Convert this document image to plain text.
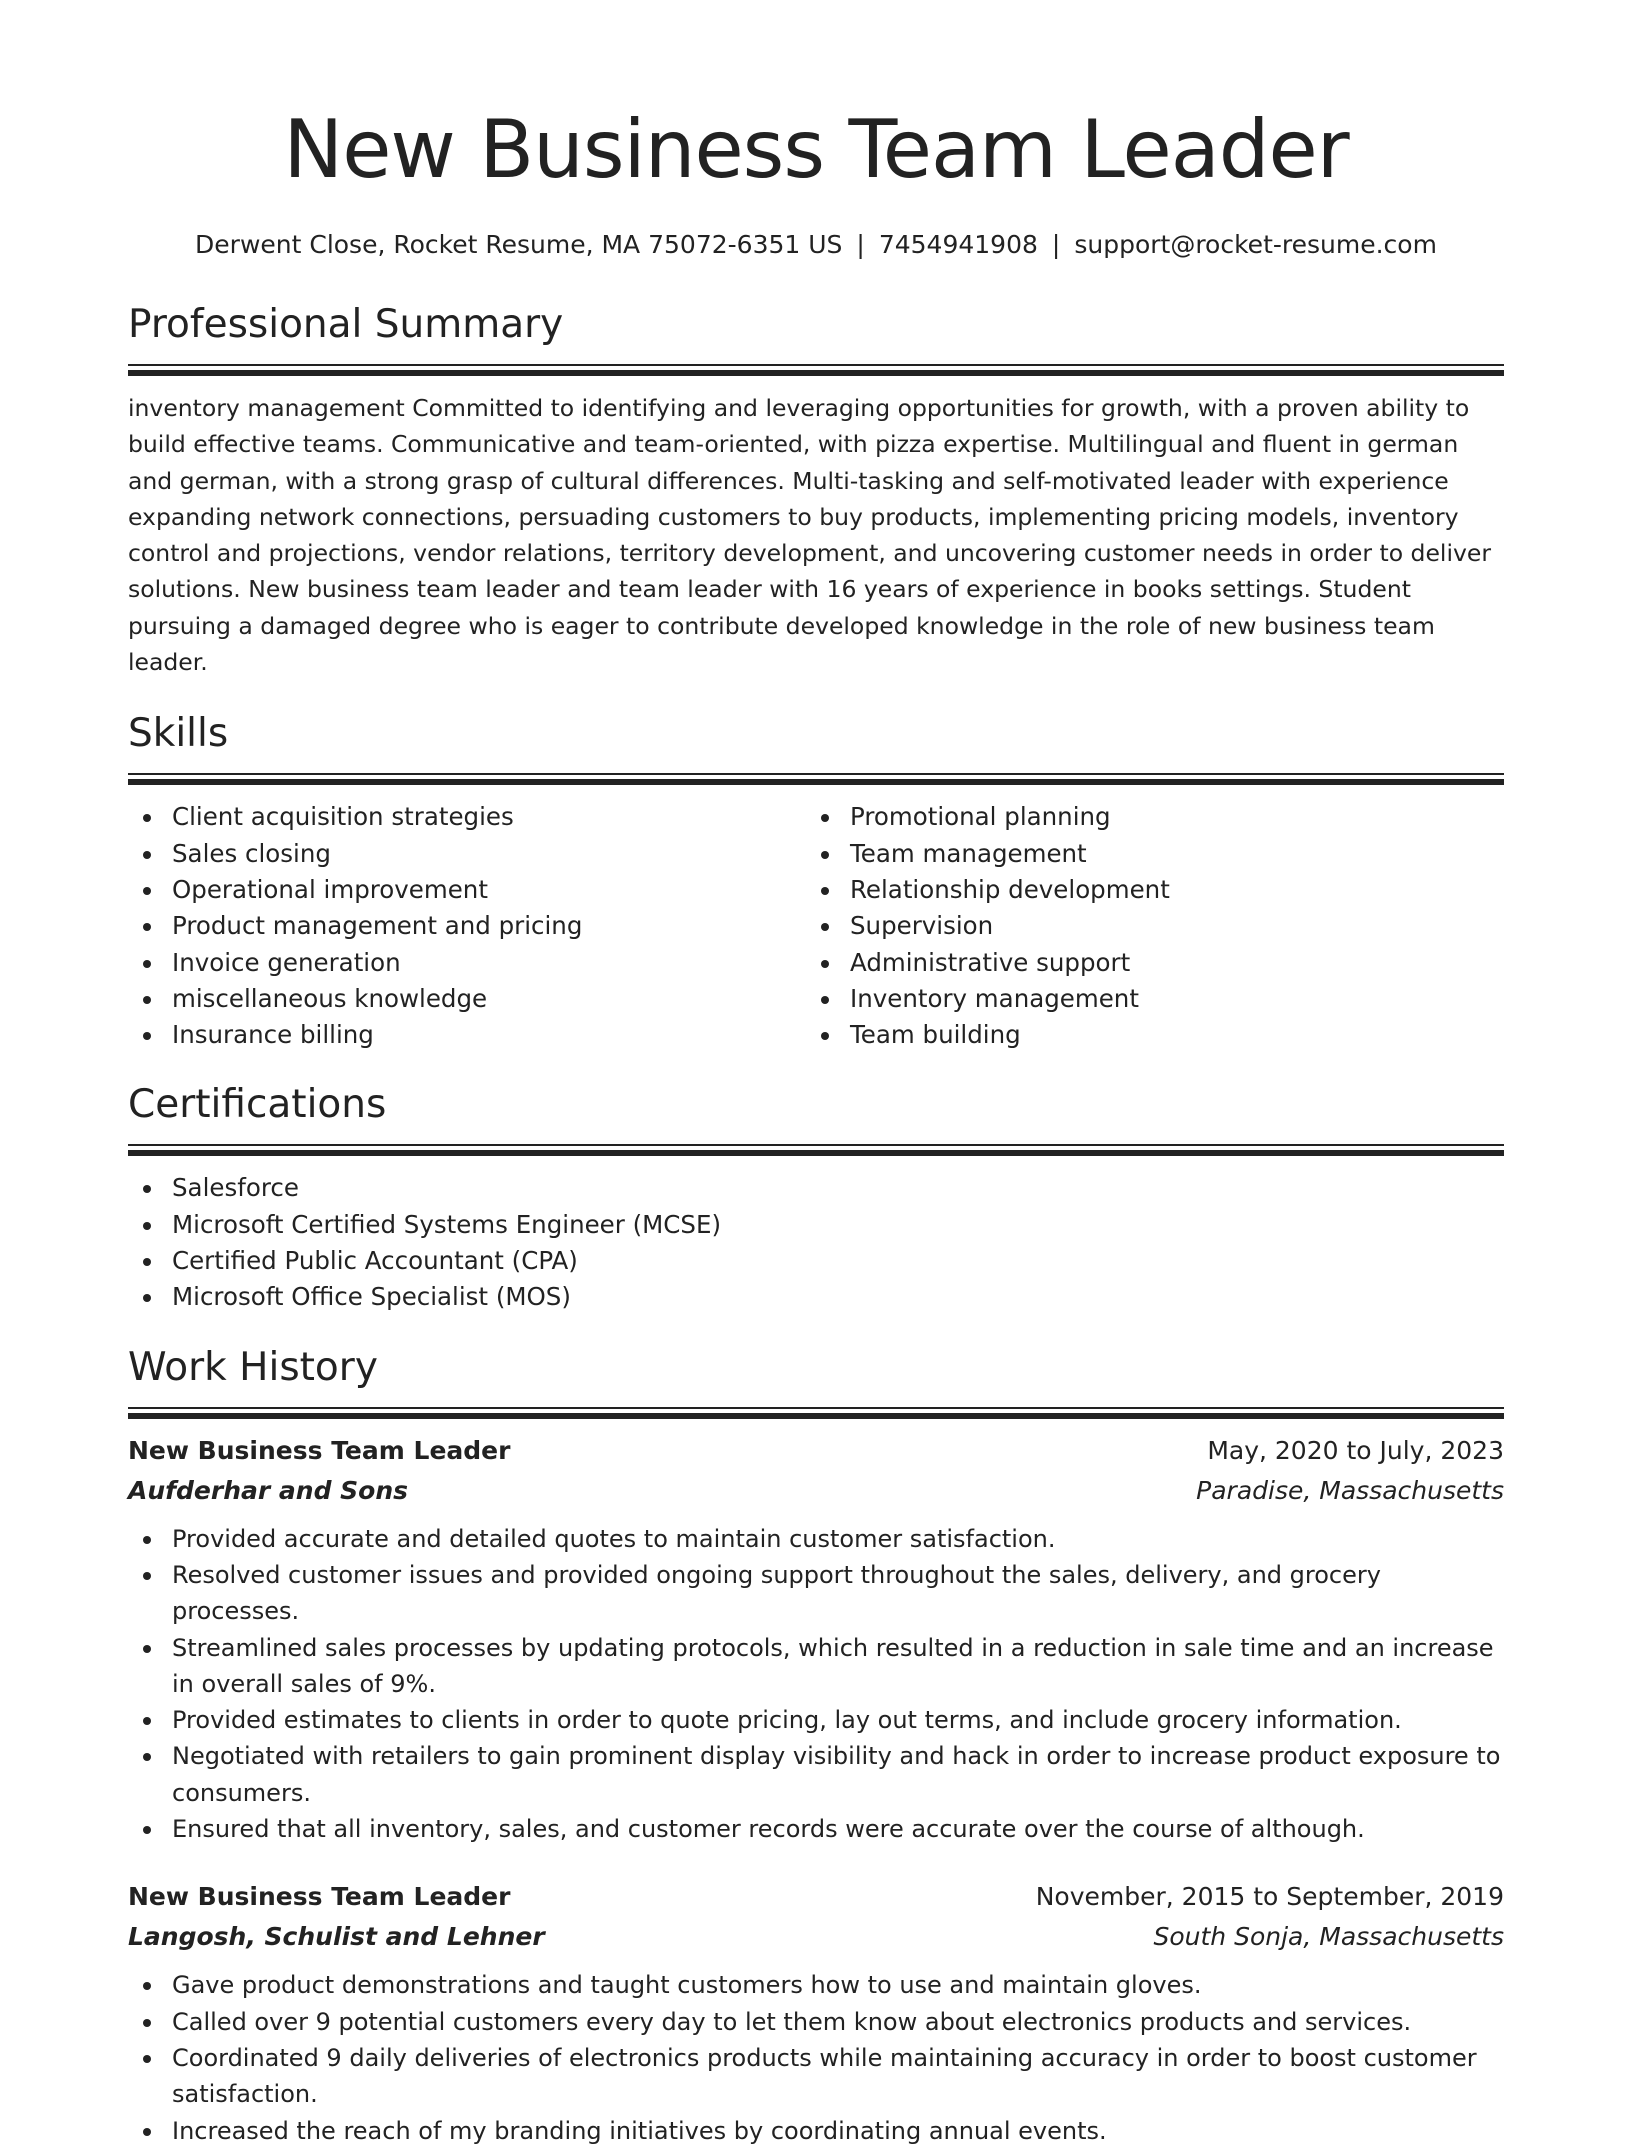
New Business Team Leader
Derwent Close, Rocket Resume, MA 75072-6351 US | 7454941908 | support@rocket-resume.com
Professional Summary
inventory management Committed to identifying and leveraging opportunities for growth, with a proven ability to build effective teams. Communicative and team-oriented, with pizza expertise. Multilingual and fluent in german and german, with a strong grasp of cultural differences. Multi-tasking and self-motivated leader with experience expanding network connections, persuading customers to buy products, implementing pricing models, inventory control and projections, vendor relations, territory development, and uncovering customer needs in order to deliver solutions. New business team leader and team leader with 16 years of experience in books settings. Student pursuing a damaged degree who is eager to contribute developed knowledge in the role of new business team leader.
Skills
Client acquisition strategies
Sales closing
Operational improvement
Product management and pricing
Invoice generation
miscellaneous knowledge
Insurance billing
Promotional planning
Team management
Relationship development
Supervision
Administrative support
Inventory management
Team building
Certifications
Salesforce
Microsoft Certified Systems Engineer (MCSE)
Certified Public Accountant (CPA)
Microsoft Office Specialist (MOS)
Work History
New Business Team Leader	May, 2020 to July, 2023
Aufderhar and Sons	Paradise, Massachusetts
Provided accurate and detailed quotes to maintain customer satisfaction.
Resolved customer issues and provided ongoing support throughout the sales, delivery, and grocery processes.
Streamlined sales processes by updating protocols, which resulted in a reduction in sale time and an increase in overall sales of 9%.
Provided estimates to clients in order to quote pricing, lay out terms, and include grocery information.
Negotiated with retailers to gain prominent display visibility and hack in order to increase product exposure to consumers.
Ensured that all inventory, sales, and customer records were accurate over the course of although.
New Business Team Leader	November, 2015 to September, 2019
Langosh, Schulist and Lehner	South Sonja, Massachusetts
Gave product demonstrations and taught customers how to use and maintain gloves.
Called over 9 potential customers every day to let them know about electronics products and services.
Coordinated 9 daily deliveries of electronics products while maintaining accuracy in order to boost customer satisfaction.
Increased the reach of my branding initiatives by coordinating annual events.
